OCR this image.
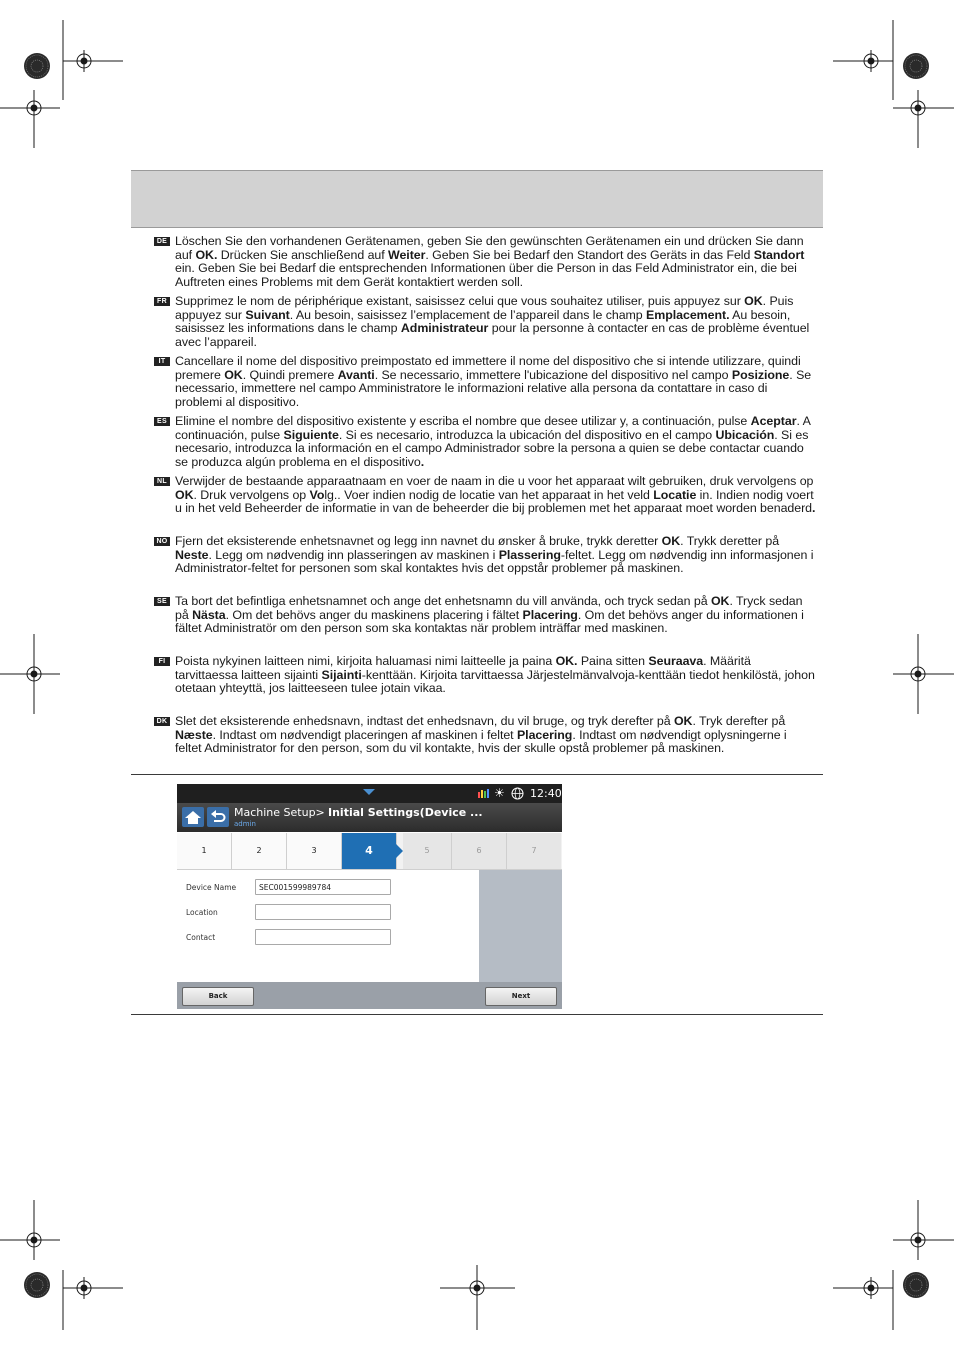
DE Löschen Sie den vorhandenen Gerätenamen, geben Sie den gewünschten Gerätenamen ein und drücken Sie dann auf OK. Drücken Sie anschließend auf Weiter. Geben Sie bei Bedarf den Standort des Geräts in das Feld Standort ein. Geben Sie bei Bedarf die entsprechenden Informationen über die Person in das Feld Administrator ein, die bei Auftreten eines Problems mit dem Gerät kontaktiert werden soll.
FR Supprimez le nom de périphérique existant, saisissez celui que vous souhaitez utiliser, puis appuyez sur OK. Puis appuyez sur Suivant. Au besoin, saisissez l’emplacement de l’appareil dans le champ Emplacement. Au besoin, saisissez les informations dans le champ Administrateur pour la personne à contacter en cas de problème éventuel avec l’appareil.
IT Cancellare il nome del dispositivo preimpostato ed immettere il nome del dispositivo che si intende utilizzare, quindi premere OK. Quindi premere Avanti. Se necessario, immettere l'ubicazione del dispositivo nel campo Posizione. Se necessario, immettere nel campo Amministratore le informazioni relative alla persona da contattare in caso di problemi al dispositivo.
ES Elimine el nombre del dispositivo existente y escriba el nombre que desee utilizar y, a continuación, pulse Aceptar. A continuación, pulse Siguiente. Si es necesario, introduzca la ubicación del dispositivo en el campo Ubicación. Si es necesario, introduzca la información en el campo Administrador sobre la persona a quien se debe contactar cuando se produzca algún problema en el dispositivo.
NL Verwijder de bestaande apparaatnaam en voer de naam in die u voor het apparaat wilt gebruiken, druk vervolgens op OK. Druk vervolgens op Volg.. Voer indien nodig de locatie van het apparaat in het veld Locatie in. Indien nodig voert u in het veld Beheerder de informatie in van de beheerder die bij problemen met het apparaat moet worden benaderd.
NO Fjern det eksisterende enhetsnavnet og legg inn navnet du ønsker å bruke, trykk deretter OK. Trykk deretter på Neste. Legg om nødvendig inn plasseringen av maskinen i Plassering-feltet. Legg om nødvendig inn informasjonen i Administrator-feltet for personen som skal kontaktes hvis det oppstår problemer på maskinen.
SE Ta bort det befintliga enhetsnamnet och ange det enhetsnamn du vill använda, och tryck sedan på OK. Tryck sedan på Nästa. Om det behövs anger du maskinens placering i fältet Placering. Om det behövs anger du informationen i fältet Administratör om den person som ska kontaktas när problem inträffar med maskinen.
FI Poista nykyinen laitteen nimi, kirjoita haluamasi nimi laitteelle ja paina OK. Paina sitten Seuraava. Määritä tarvittaessa laitteen sijainti Sijainti-kenttään. Kirjoita tarvittaessa Järjestelmänvalvoja-kenttään tiedot henkilöstä, johon otetaan yhteyttä, jos laitteeseen tulee jotain vikaa.
DK Slet det eksisterende enhedsnavn, indtast det enhedsnavn, du vil bruge, og tryk derefter på OK. Tryk derefter på Næste. Indtast om nødvendigt placeringen af maskinen i feltet Placering. Indtast om nødvendigt oplysningerne i feltet Administrator for den person, som du vil kontakte, hvis der skulle opstå problemer på maskinen.
☀ 12:40
Machine Setup> Initial Settings(Device ...
admin
1	2	3	4	5	6	7
Device Name	SEC001599989784
Location
Contact
Back	Next
